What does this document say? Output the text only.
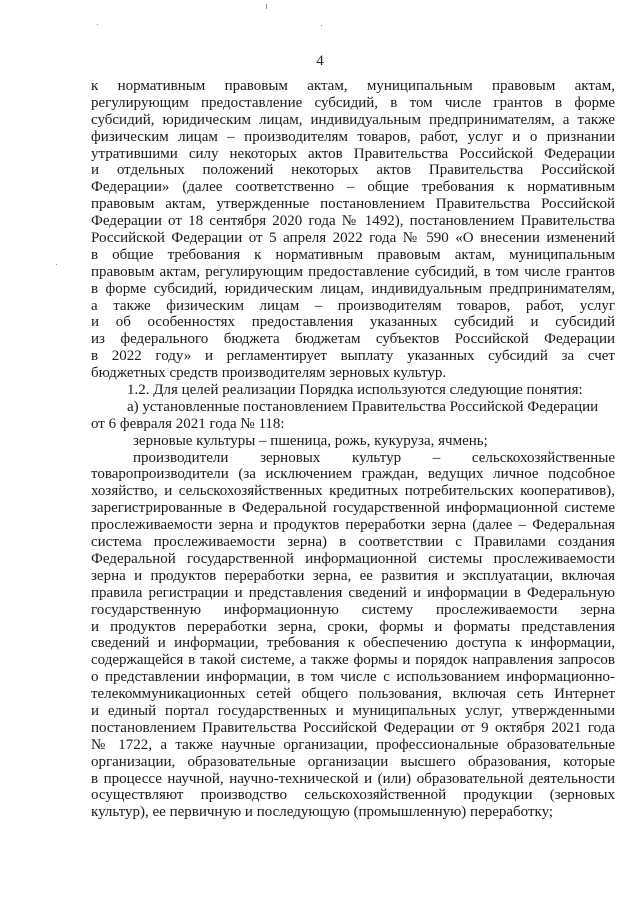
4
к нормативным правовым актам, муниципальным правовым актам,
регулирующим предоставление субсидий, в том числе грантов в форме
субсидий, юридическим лицам, индивидуальным предпринимателям, а также
физическим лицам – производителям товаров, работ, услуг и о признании
утратившими силу некоторых актов Правительства Российской Федерации
и отдельных положений некоторых актов Правительства Российской
Федерации» (далее соответственно – общие требования к нормативным
правовым актам, утвержденные постановлением Правительства Российской
Федерации от 18 сентября 2020 года № 1492), постановлением Правительства
Российской Федерации от 5 апреля 2022 года № 590 «О внесении изменений
в общие требования к нормативным правовым актам, муниципальным
правовым актам, регулирующим предоставление субсидий, в том числе грантов
в форме субсидий, юридическим лицам, индивидуальным предпринимателям,
а также физическим лицам – производителям товаров, работ, услуг
и об особенностях предоставления указанных субсидий и субсидий
из федерального бюджета бюджетам субъектов Российской Федерации
в 2022 году» и регламентирует выплату указанных субсидий за счет
бюджетных средств производителям зерновых культур.
1.2. Для целей реализации Порядка используются следующие понятия:
а) установленные постановлением Правительства Российской Федерации
от 6 февраля 2021 года № 118:
зерновые культуры – пшеница, рожь, кукуруза, ячмень;
производители зерновых культур – сельскохозяйственные
товаропроизводители (за исключением граждан, ведущих личное подсобное
хозяйство, и сельскохозяйственных кредитных потребительских кооперативов),
зарегистрированные в Федеральной государственной информационной системе
прослеживаемости зерна и продуктов переработки зерна (далее – Федеральная
система прослеживаемости зерна) в соответствии с Правилами создания
Федеральной государственной информационной системы прослеживаемости
зерна и продуктов переработки зерна, ее развития и эксплуатации, включая
правила регистрации и представления сведений и информации в Федеральную
государственную информационную систему прослеживаемости зерна
и продуктов переработки зерна, сроки, формы и форматы представления
сведений и информации, требования к обеспечению доступа к информации,
содержащейся в такой системе, а также формы и порядок направления запросов
о представлении информации, в том числе с использованием информационно-
телекоммуникационных сетей общего пользования, включая сеть Интернет
и единый портал государственных и муниципальных услуг, утвержденными
постановлением Правительства Российской Федерации от 9 октября 2021 года
№ 1722, а также научные организации, профессиональные образовательные
организации, образовательные организации высшего образования, которые
в процессе научной, научно-технической и (или) образовательной деятельности
осуществляют производство сельскохозяйственной продукции (зерновых
культур), ее первичную и последующую (промышленную) переработку;
